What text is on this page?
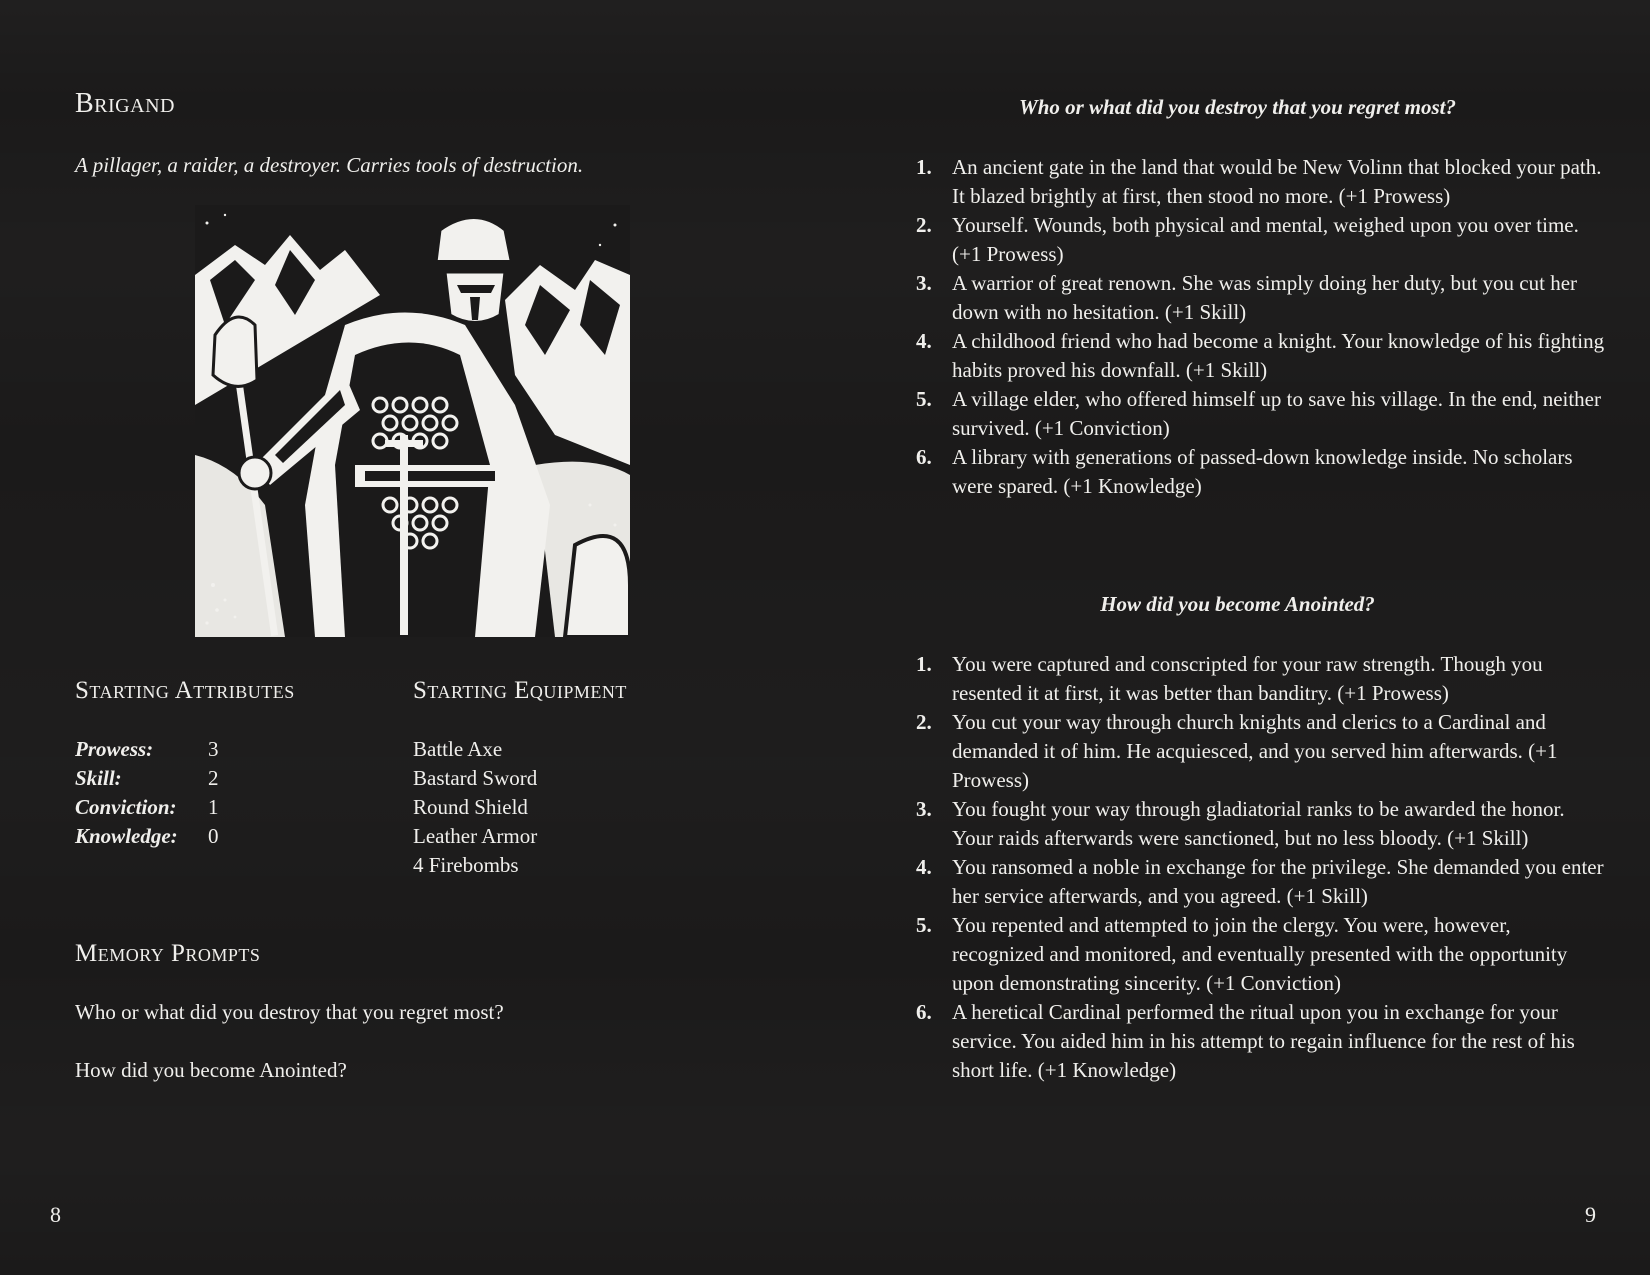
Brigand

A pillager, a raider, a destroyer. Carries tools of destruction.

Starting Attributes	Starting Equipment
Prowess:	3
Skill:	2
Conviction:	1
Knowledge:	0
Battle Axe
Bastard Sword
Round Shield
Leather Armor
4 Firebombs
Memory Prompts

Who or what did you destroy that you regret most?

How did you become Anointed?

8

Who or what did you destroy that you regret most?
1. An ancient gate in the land that would be New Volinn that blocked your path. It blazed brightly at first, then stood no more. (+1 Prowess)
2. Yourself. Wounds, both physical and mental, weighed upon you over time. (+1 Prowess)
3. A warrior of great renown. She was simply doing her duty, but you cut her down with no hesitation. (+1 Skill)
4. A childhood friend who had become a knight. Your knowledge of his fighting habits proved his downfall. (+1 Skill)
5. A village elder, who offered himself up to save his village. In the end, neither survived. (+1 Conviction)
6. A library with generations of passed-down knowledge inside. No scholars were spared. (+1 Knowledge)
How did you become Anointed?
1. You were captured and conscripted for your raw strength. Though you resented it at first, it was better than banditry. (+1 Prowess)
2. You cut your way through church knights and clerics to a Cardinal and demanded it of him. He acquiesced, and you served him afterwards. (+1 Prowess)
3. You fought your way through gladiatorial ranks to be awarded the honor. Your raids afterwards were sanctioned, but no less bloody. (+1 Skill)
4. You ransomed a noble in exchange for the privilege. She demanded you enter her service afterwards, and you agreed. (+1 Skill)
5. You repented and attempted to join the clergy. You were, however, recognized and monitored, and eventually presented with the opportunity upon demonstrating sincerity. (+1 Conviction)
6. A heretical Cardinal performed the ritual upon you in exchange for your service. You aided him in his attempt to regain influence for the rest of his short life. (+1 Knowledge)

9
